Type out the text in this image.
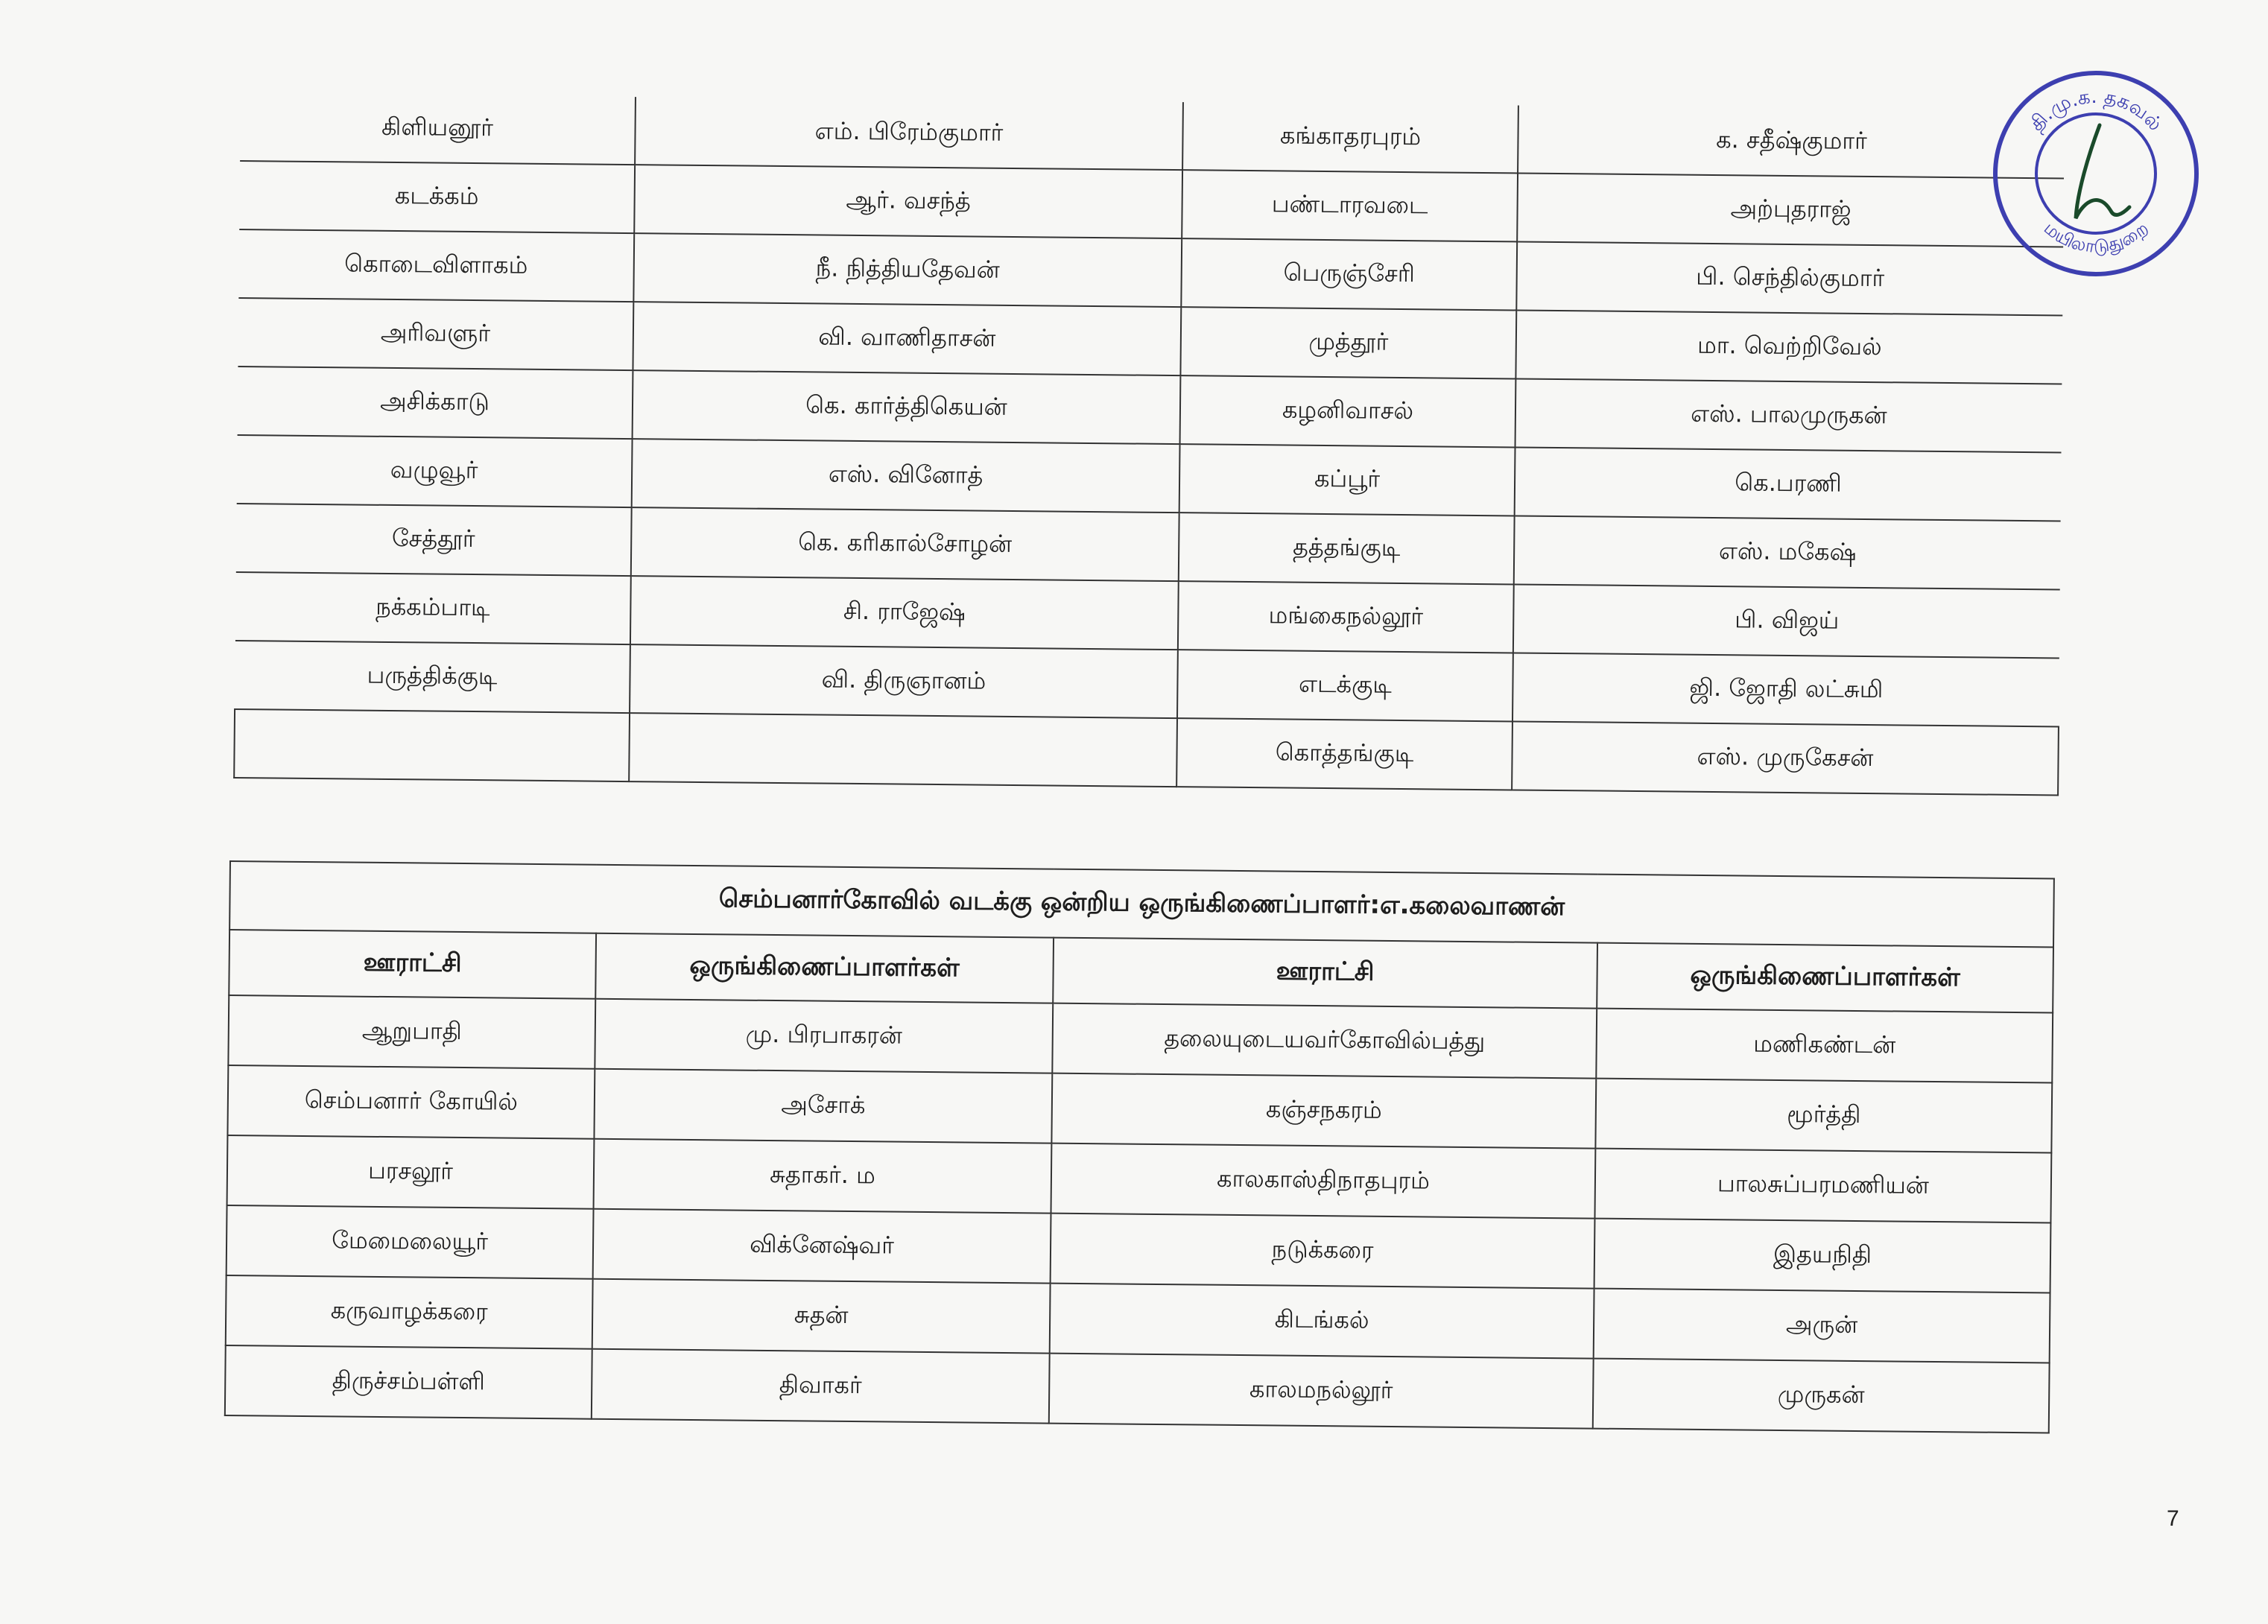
கிளியனூர்	எம். பிரேம்குமார்	கங்காதரபுரம்	க. சதீஷ்குமார்
கடக்கம்	ஆர். வசந்த்	பண்டாரவடை	அற்புதராஜ்
கொடைவிளாகம்	நீ. நித்தியதேவன்	பெருஞ்சேரி	பி. செந்தில்குமார்
அரிவளுர்	வி. வாணிதாசன்	முத்தூர்	மா. வெற்றிவேல்
அசிக்காடு	கெ. கார்த்திகெயன்	கழனிவாசல்	எஸ். பாலமுருகன்
வழுவூர்	எஸ். வினோத்	கப்பூர்	கெ.பரணி
சேத்தூர்	கெ. கரிகால்சோழன்	தத்தங்குடி	எஸ். மகேஷ்
நக்கம்பாடி	சி. ராஜேஷ்	மங்கைநல்லூர்	பி. விஜய்
பருத்திக்குடி	வி. திருஞானம்	எடக்குடி	ஜி. ஜோதி லட்சுமி
		கொத்தங்குடி	எஸ். முருகேசன்
செம்பனார்கோவில் வடக்கு ஒன்றிய ஒருங்கிணைப்பாளர்:எ.கலைவாணன்			
ஊராட்சி	ஒருங்கிணைப்பாளர்கள்	ஊராட்சி	ஒருங்கிணைப்பாளர்கள்
ஆறுபாதி	மு. பிரபாகரன்	தலையுடையவர்கோவில்பத்து	மணிகண்டன்
செம்பனார் கோயில்	அசோக்	கஞ்சநகரம்	மூர்த்தி
பரசலூர்	சுதாகர். ம	காலகாஸ்திநாதபுரம்	பாலசுப்பரமணியன்
மேமைலையூர்	விக்னேஷ்வர்	நடுக்கரை	இதயநிதி
கருவாழக்கரை	சுதன்	கிடங்கல்	அருன்
திருச்சம்பள்ளி	திவாகர்	காலமநல்லூர்	முருகன்
தி.மு.க. தகவல்
மயிலாடுதுறை
7
